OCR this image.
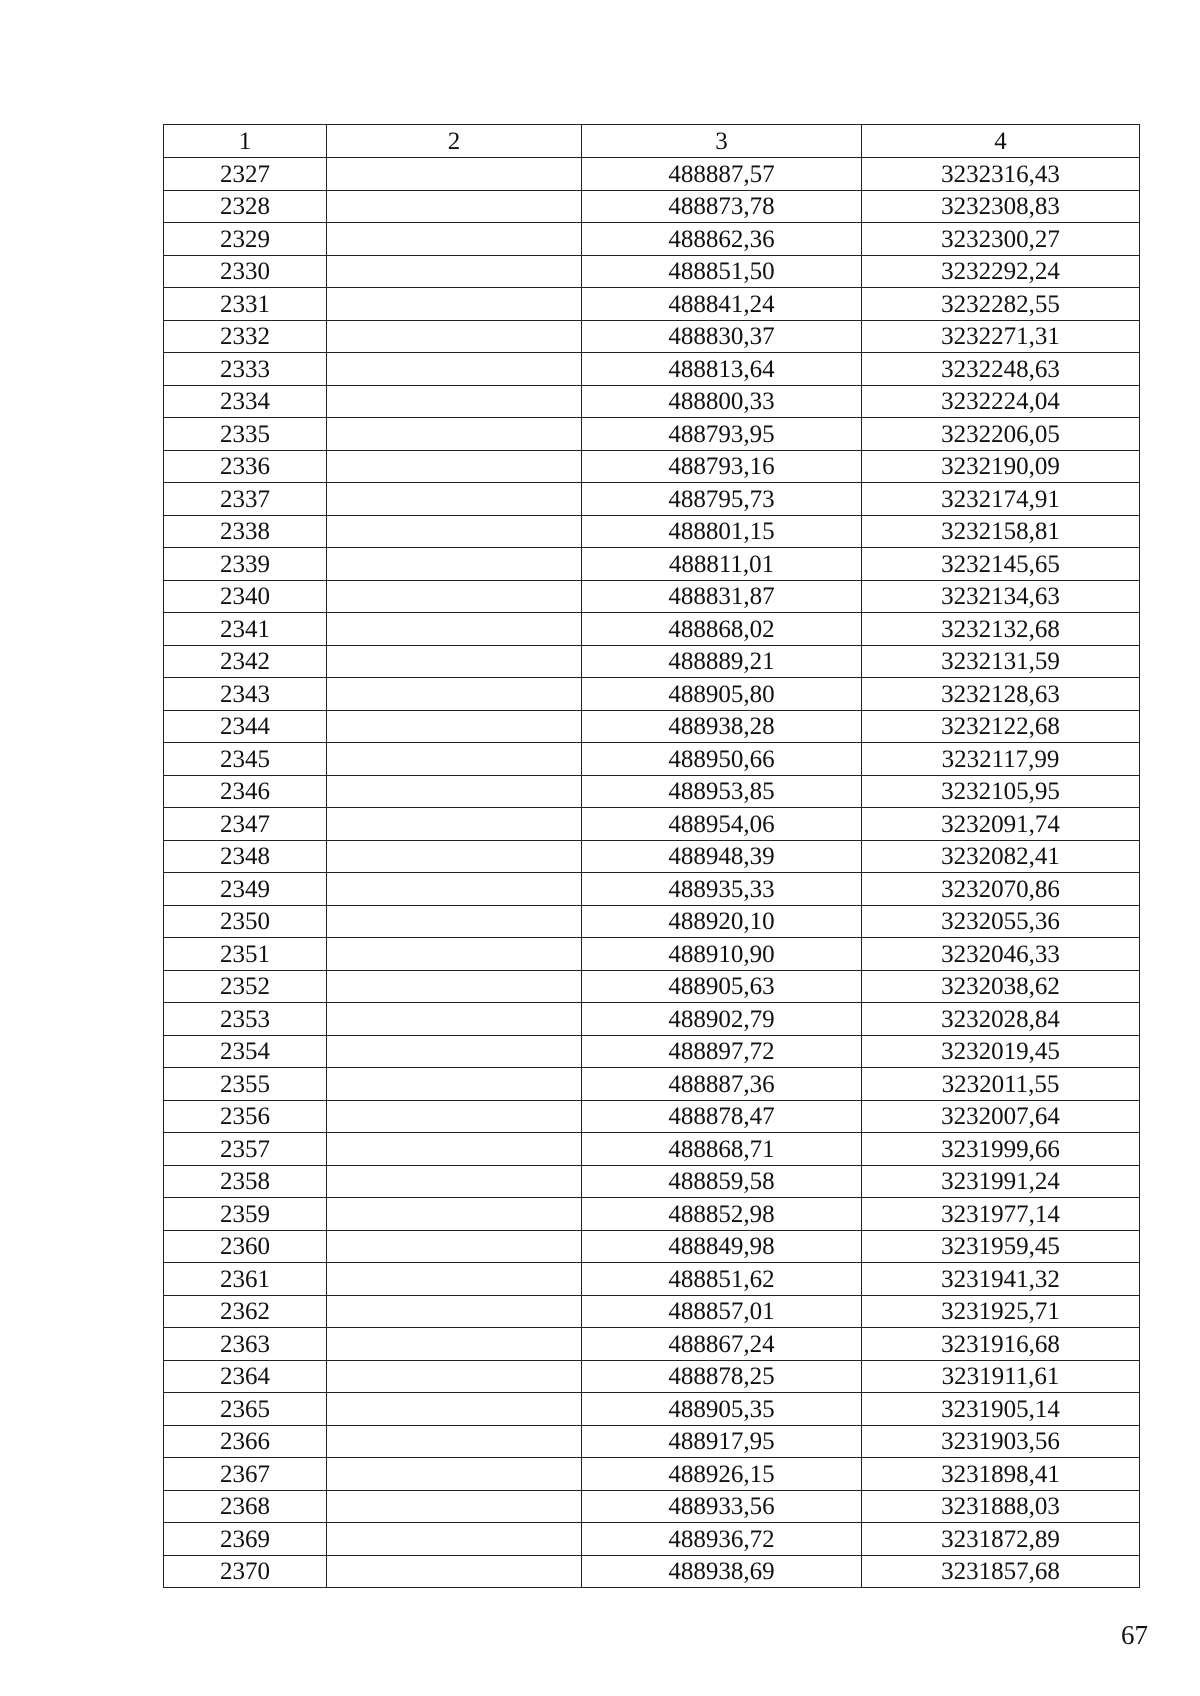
1	2	3	4
2327		488887,57	3232316,43
2328		488873,78	3232308,83
2329		488862,36	3232300,27
2330		488851,50	3232292,24
2331		488841,24	3232282,55
2332		488830,37	3232271,31
2333		488813,64	3232248,63
2334		488800,33	3232224,04
2335		488793,95	3232206,05
2336		488793,16	3232190,09
2337		488795,73	3232174,91
2338		488801,15	3232158,81
2339		488811,01	3232145,65
2340		488831,87	3232134,63
2341		488868,02	3232132,68
2342		488889,21	3232131,59
2343		488905,80	3232128,63
2344		488938,28	3232122,68
2345		488950,66	3232117,99
2346		488953,85	3232105,95
2347		488954,06	3232091,74
2348		488948,39	3232082,41
2349		488935,33	3232070,86
2350		488920,10	3232055,36
2351		488910,90	3232046,33
2352		488905,63	3232038,62
2353		488902,79	3232028,84
2354		488897,72	3232019,45
2355		488887,36	3232011,55
2356		488878,47	3232007,64
2357		488868,71	3231999,66
2358		488859,58	3231991,24
2359		488852,98	3231977,14
2360		488849,98	3231959,45
2361		488851,62	3231941,32
2362		488857,01	3231925,71
2363		488867,24	3231916,68
2364		488878,25	3231911,61
2365		488905,35	3231905,14
2366		488917,95	3231903,56
2367		488926,15	3231898,41
2368		488933,56	3231888,03
2369		488936,72	3231872,89
2370		488938,69	3231857,68
67
